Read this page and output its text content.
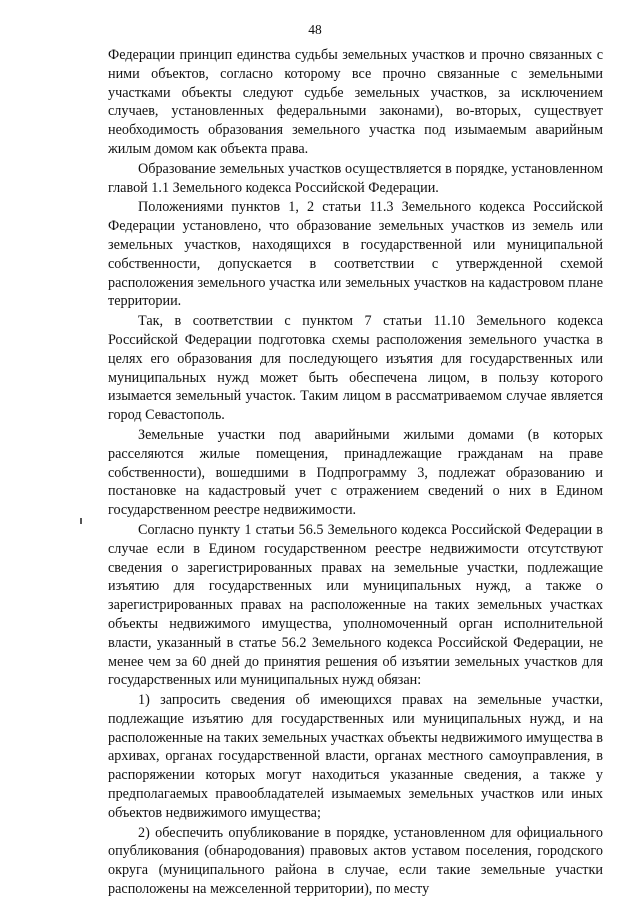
48

Федерации принцип единства судьбы земельных участков и прочно связанных с ними объектов, согласно которому все прочно связанные с земельными участками объекты следуют судьбе земельных участков, за исключением случаев, установленных федеральными законами), во-вторых, существует необходимость образования земельного участка под изымаемым аварийным жилым домом как объекта права.

Образование земельных участков осуществляется в порядке, установленном главой 1.1 Земельного кодекса Российской Федерации.

Положениями пунктов 1, 2 статьи 11.3 Земельного кодекса Российской Федерации установлено, что образование земельных участков из земель или земельных участков, находящихся в государственной или муниципальной собственности, допускается в соответствии с утвержденной схемой расположения земельного участка или земельных участков на кадастровом плане территории.

Так, в соответствии с пунктом 7 статьи 11.10 Земельного кодекса Российской Федерации подготовка схемы расположения земельного участка в целях его образования для последующего изъятия для государственных или муниципальных нужд может быть обеспечена лицом, в пользу которого изымается земельный участок. Таким лицом в рассматриваемом случае является город Севастополь.

Земельные участки под аварийными жилыми домами (в которых расселяются жилые помещения, принадлежащие гражданам на праве собственности), вошедшими в Подпрограмму 3, подлежат образованию и постановке на кадастровый учет с отражением сведений о них в Едином государственном реестре недвижимости.

Согласно пункту 1 статьи 56.5 Земельного кодекса Российской Федерации в случае если в Едином государственном реестре недвижимости отсутствуют сведения о зарегистрированных правах на земельные участки, подлежащие изъятию для государственных или муниципальных нужд, а также о зарегистрированных правах на расположенные на таких земельных участках объекты недвижимого имущества, уполномоченный орган исполнительной власти, указанный в статье 56.2 Земельного кодекса Российской Федерации, не менее чем за 60 дней до принятия решения об изъятии земельных участков для государственных или муниципальных нужд обязан:

1) запросить сведения об имеющихся правах на земельные участки, подлежащие изъятию для государственных или муниципальных нужд, и на расположенные на таких земельных участках объекты недвижимого имущества в архивах, органах государственной власти, органах местного самоуправления, в распоряжении которых могут находиться указанные сведения, а также у предполагаемых правообладателей изымаемых земельных участков или иных объектов недвижимого имущества;

2) обеспечить опубликование в порядке, установленном для официального опубликования (обнародования) правовых актов уставом поселения, городского округа (муниципального района в случае, если такие земельные участки расположены на межселенной территории), по месту
